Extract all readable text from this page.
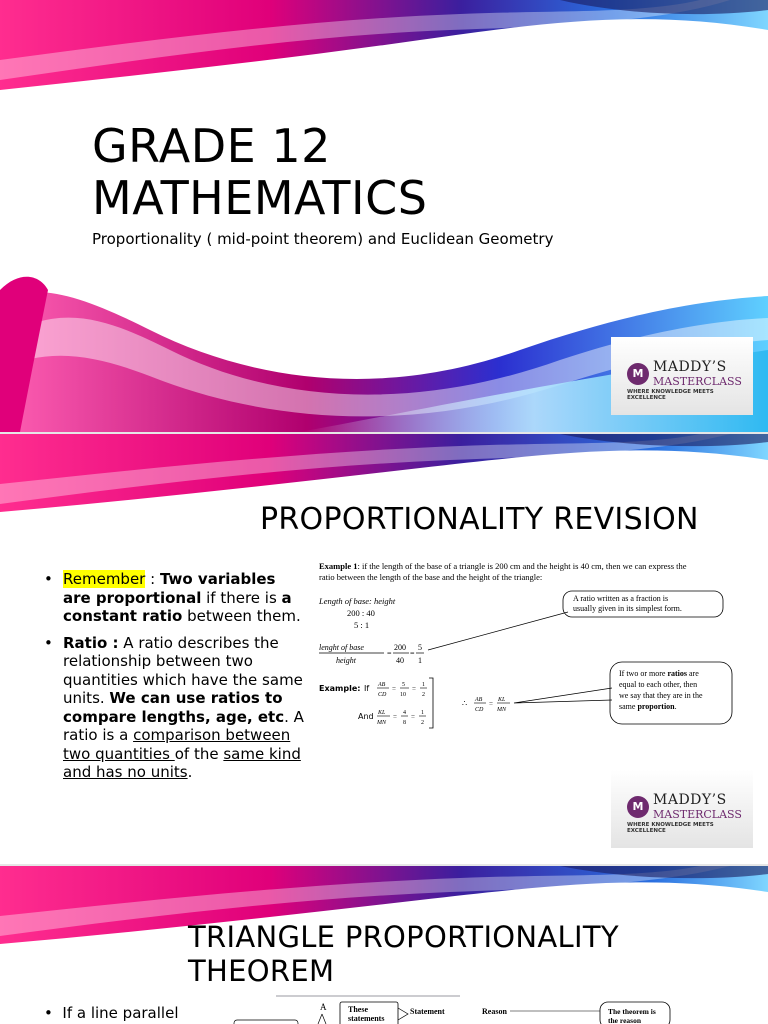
GRADE 12
MATHEMATICS
Proportionality ( mid-point theorem) and Euclidean Geometry
M MADDY’S
MASTERCLASS
WHERE KNOWLEDGE MEETS EXCELLENCE
PROPORTIONALITY REVISION
• Remember : Two variables are proportional if there is a constant ratio between them.
• Ratio : A ratio describes the relationship between two quantities which have the same units. We can use ratios to compare lengths, age, etc. A ratio is a comparison between two quantities of the same kind and has no units.
Example 1: if the length of the base of a triangle is 200 cm and the height is 40 cm, then we can express the
ratio between the length of the base and the height of the triangle:
Length of base: height
200 : 40
5 : 1
lenght of base
height
=
200
40
=
5
1
A ratio written as a fraction is
usually given in its simplest form.
Example: If AB
CD
= 5
10
= 1
2
And KL
MN
= 4
8
= 1
2
∴ AB
CD
= KL
MN
If two or more ratios are
equal to each other, then
we say that they are in the
same proportion.
M MADDY’S
MASTERCLASS
WHERE KNOWLEDGE MEETS EXCELLENCE
TRIANGLE PROPORTIONALITY
THEOREM
• If a line parallel	A	These
statements
Statement	Reason	The theorem is
the reason
